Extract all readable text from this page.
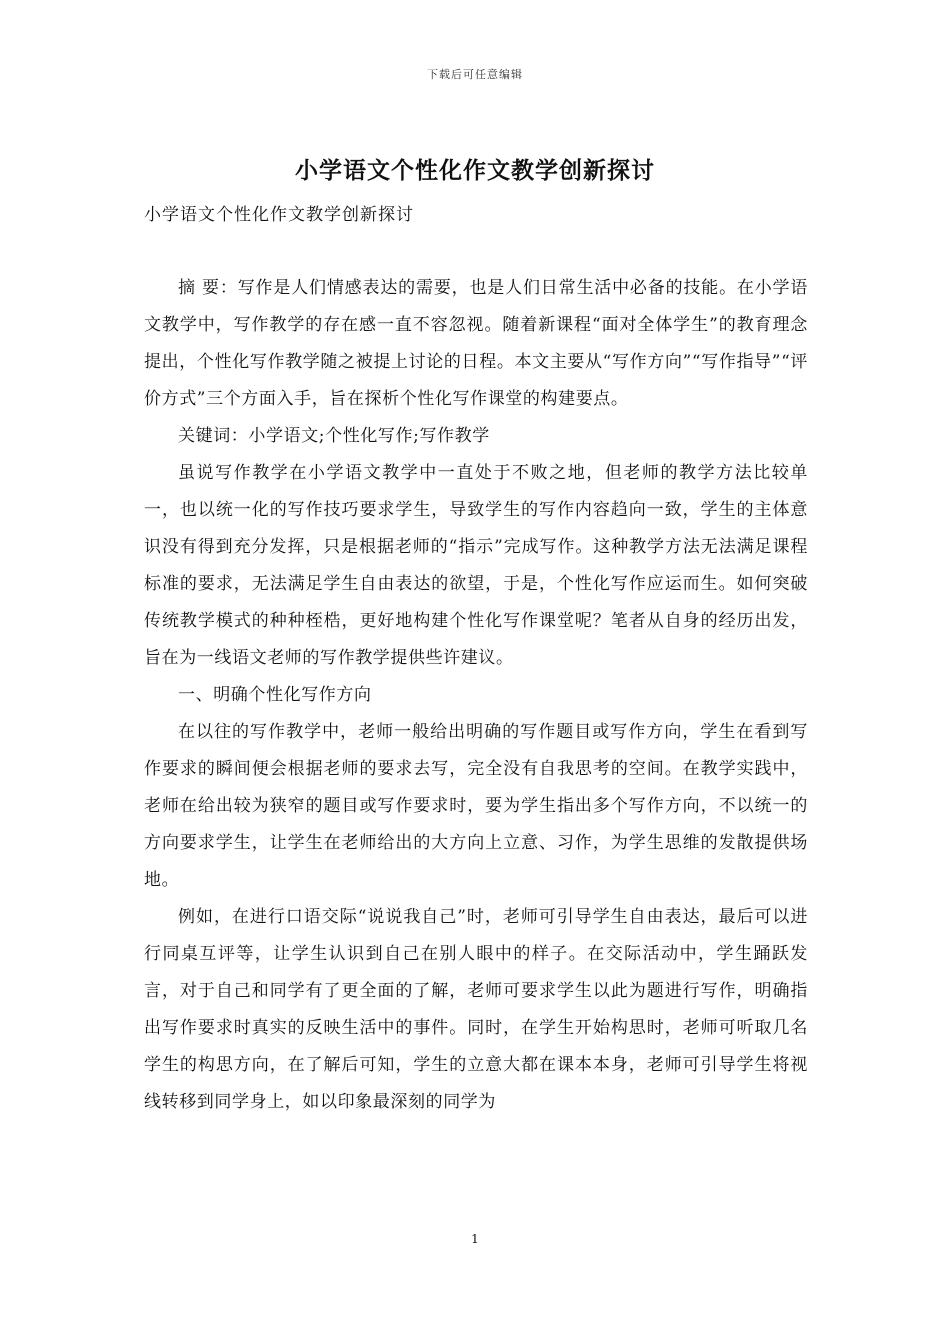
下载后可任意编辑
小学语文个性化作文教学创新探讨
小学语文个性化作文教学创新探讨

摘 要：写作是人们情感表达的需要，也是人们日常生活中必备的技能。在小学语文教学中，写作教学的存在感一直不容忽视。随着新课程“面对全体学生”的教育理念提出，个性化写作教学随之被提上讨论的日程。本文主要从“写作方向”“写作指导”“评价方式”三个方面入手，旨在探析个性化写作课堂的构建要点。

关键词：小学语文;个性化写作;写作教学

虽说写作教学在小学语文教学中一直处于不败之地，但老师的教学方法比较单一，也以统一化的写作技巧要求学生，导致学生的写作内容趋向一致，学生的主体意识没有得到充分发挥，只是根据老师的“指示”完成写作。这种教学方法无法满足课程标准的要求，无法满足学生自由表达的欲望，于是，个性化写作应运而生。如何突破传统教学模式的种种桎梏，更好地构建个性化写作课堂呢？笔者从自身的经历出发，旨在为一线语文老师的写作教学提供些许建议。

一、明确个性化写作方向

在以往的写作教学中，老师一般给出明确的写作题目或写作方向，学生在看到写作要求的瞬间便会根据老师的要求去写，完全没有自我思考的空间。在教学实践中，老师在给出较为狭窄的题目或写作要求时，要为学生指出多个写作方向，不以统一的方向要求学生，让学生在老师给出的大方向上立意、习作，为学生思维的发散提供场地。

例如，在进行口语交际“说说我自己”时，老师可引导学生自由表达，最后可以进行同桌互评等，让学生认识到自己在别人眼中的样子。在交际活动中，学生踊跃发言，对于自己和同学有了更全面的了解，老师可要求学生以此为题进行写作，明确指出写作要求时真实的反映生活中的事件。同时，在学生开始构思时，老师可听取几名学生的构思方向，在了解后可知，学生的立意大都在课本本身，老师可引导学生将视线转移到同学身上，如以印象最深刻的同学为

1
